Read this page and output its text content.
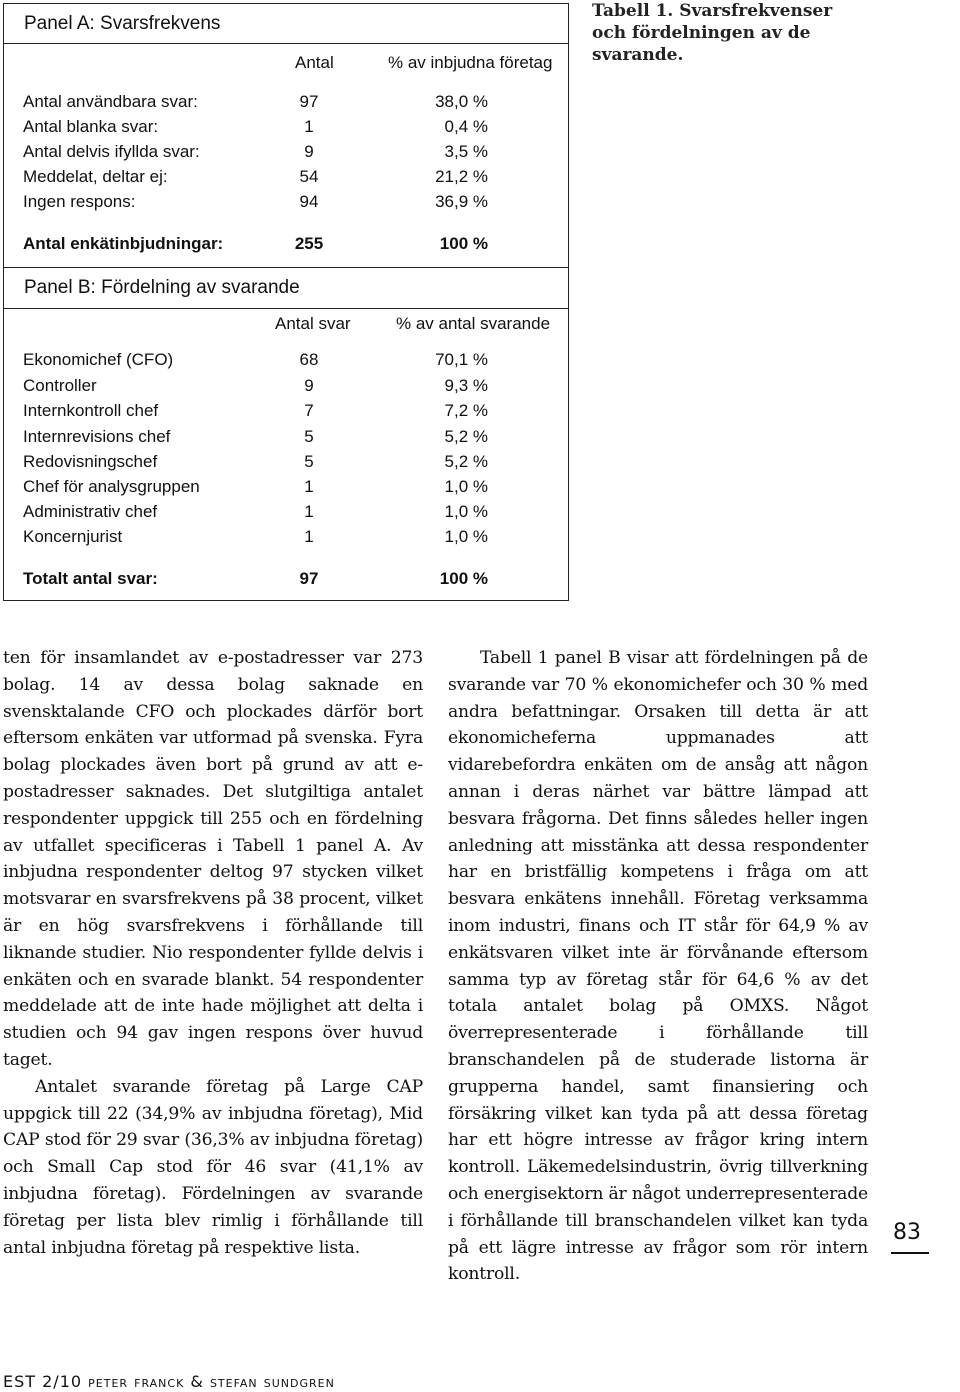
Panel A: Svarsfrekvens
Antal	% av inbjudna företag
Antal användbara svar:	97	38,0 %
Antal blanka svar:	1	0,4 %
Antal delvis ifyllda svar:	9	3,5 %
Meddelat, deltar ej:	54	21,2 %
Ingen respons:	94	36,9 %
Antal enkätinbjudningar:	255	100 %
Panel B: Fördelning av svarande
Antal svar	% av antal svarande
Ekonomichef (CFO)	68	70,1 %
Controller	9	9,3 %
Internkontroll chef	7	7,2 %
Internrevisions chef	5	5,2 %
Redovisningschef	5	5,2 %
Chef för analysgruppen	1	1,0 %
Administrativ chef	1	1,0 %
Koncernjurist	1	1,0 %
Totalt antal svar:	97	100 %
Tabell 1. Svarsfrekvenser och fördelningen av de svarande.

ten för insamlandet av e-postadresser var 273 bolag. 14 av dessa bolag saknade en svensktalande CFO och plockades därför bort eftersom enkäten var utformad på svenska. Fyra bolag plockades även bort på grund av att e-postadresser saknades. Det slutgiltiga antalet respondenter uppgick till 255 och en fördelning av utfallet specificeras i Tabell 1 panel A. Av inbjudna respondenter deltog 97 stycken vilket motsvarar en svarsfrekvens på 38 procent, vilket är en hög svarsfrekvens i förhållande till liknande studier. Nio respondenter fyllde delvis i enkäten och en svarade blankt. 54 respondenter meddelade att de inte hade möjlighet att delta i studien och 94 gav ingen respons över huvud taget.

Antalet svarande företag på Large CAP uppgick till 22 (34,9% av inbjudna företag), Mid CAP stod för 29 svar (36,3% av inbjudna företag) och Small Cap stod för 46 svar (41,1% av inbjudna företag). Fördelningen av svarande företag per lista blev rimlig i förhållande till antal inbjudna företag på respektive lista.

Tabell 1 panel B visar att fördelningen på de svarande var 70 % ekonomichefer och 30 % med andra befattningar. Orsaken till detta är att ekonomicheferna uppmanades att vidarebefordra enkäten om de ansåg att någon annan i deras närhet var bättre lämpad att besvara frågorna. Det finns således heller ingen anledning att misstänka att dessa respondenter har en bristfällig kompetens i fråga om att besvara enkätens innehåll. Företag verksamma inom industri, finans och IT står för 64,9 % av enkätsvaren vilket inte är förvånande eftersom samma typ av företag står för 64,6 % av det totala antalet bolag på OMXS. Något överrepresenterade i förhållande till branschandelen på de studerade listorna är grupperna handel, samt finansiering och försäkring vilket kan tyda på att dessa företag har ett högre intresse av frågor kring intern kontroll. Läkemedelsindustrin, övrig tillverkning och energisektorn är något underrepresenterade i förhållande till branschandelen vilket kan tyda på ett lägre intresse av frågor som rör intern kontroll.

83
EST 2/10 peter franck & stefan sundgren
